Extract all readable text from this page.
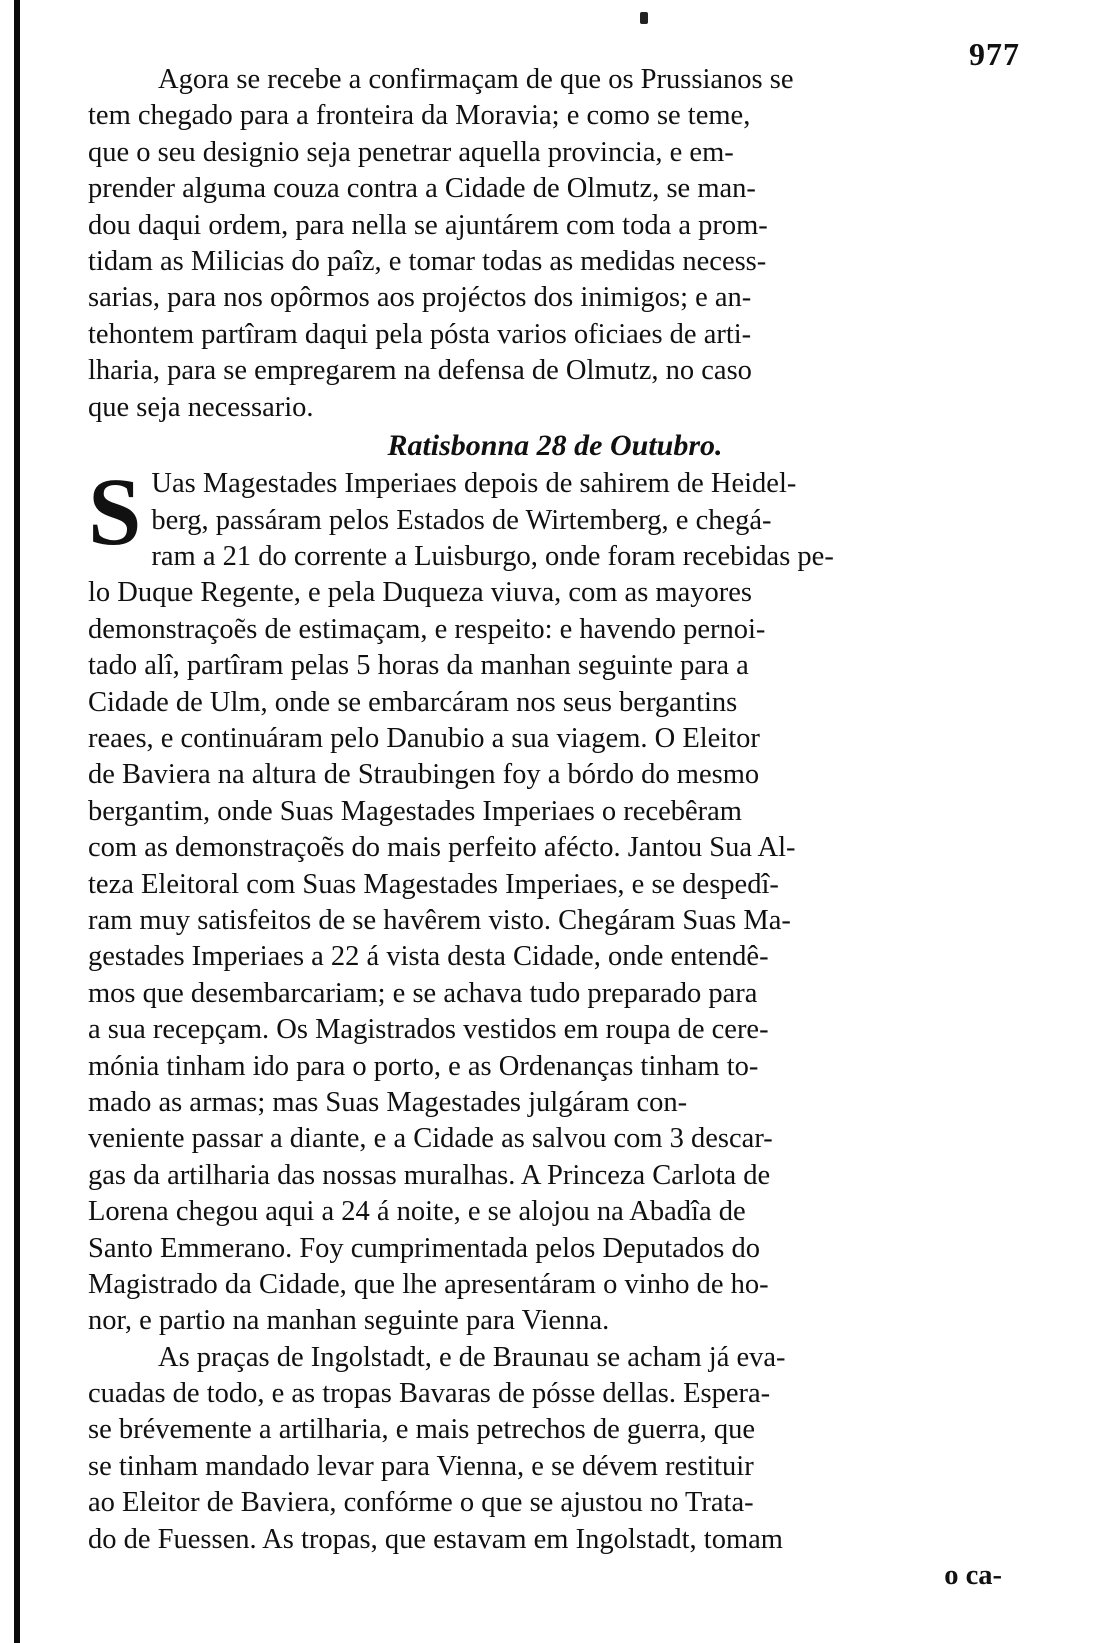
977
Agora se recebe a confirmaçam de que os Prussianos se
tem chegado para a fronteira da Moravia; e como se teme,
que o seu designio seja penetrar aquella provincia, e em-
prender alguma couza contra a Cidade de Olmutz, se man-
dou daqui ordem, para nella se ajuntárem com toda a prom-
tidam as Milicias do paîz, e tomar todas as medidas necess-
sarias, para nos opôrmos aos projéctos dos inimigos; e an-
tehontem partîram daqui pela pósta varios oficiaes de arti-
lharia, para se empregarem na defensa de Olmutz, no caso
que seja necessario.
Ratisbonna 28 de Outubro.
S Uas Magestades Imperiaes depois de sahirem de Heidel-
berg, passáram pelos Estados de Wirtemberg, e chegá-
ram a 21 do corrente a Luisburgo, onde foram recebidas pe-
lo Duque Regente, e pela Duqueza viuva, com as mayores
demonstraçoẽs de estimaçam, e respeito: e havendo pernoi-
tado alî, partîram pelas 5 horas da manhan seguinte para a
Cidade de Ulm, onde se embarcáram nos seus bergantins
reaes, e continuáram pelo Danubio a sua viagem. O Eleitor
de Baviera na altura de Straubingen foy a bórdo do mesmo
bergantim, onde Suas Magestades Imperiaes o recebêram
com as demonstraçoẽs do mais perfeito afécto. Jantou Sua Al-
teza Eleitoral com Suas Magestades Imperiaes, e se despedî-
ram muy satisfeitos de se havêrem visto. Chegáram Suas Ma-
gestades Imperiaes a 22 á vista desta Cidade, onde entendê-
mos que desembarcariam; e se achava tudo preparado para
a sua recepçam. Os Magistrados vestidos em roupa de cere-
mónia tinham ido para o porto, e as Ordenanças tinham to-
mado as armas; mas Suas Magestades julgáram con-
veniente passar a diante, e a Cidade as salvou com 3 descar-
gas da artilharia das nossas muralhas. A Princeza Carlota de
Lorena chegou aqui a 24 á noite, e se alojou na Abadîa de
Santo Emmerano. Foy cumprimentada pelos Deputados do
Magistrado da Cidade, que lhe apresentáram o vinho de ho-
nor, e partio na manhan seguinte para Vienna.
As praças de Ingolstadt, e de Braunau se acham já eva-
cuadas de todo, e as tropas Bavaras de pósse dellas. Espera-
se brévemente a artilharia, e mais petrechos de guerra, que
se tinham mandado levar para Vienna, e se dévem restituir
ao Eleitor de Baviera, confórme o que se ajustou no Trata-
do de Fuessen. As tropas, que estavam em Ingolstadt, tomam
o ca-
